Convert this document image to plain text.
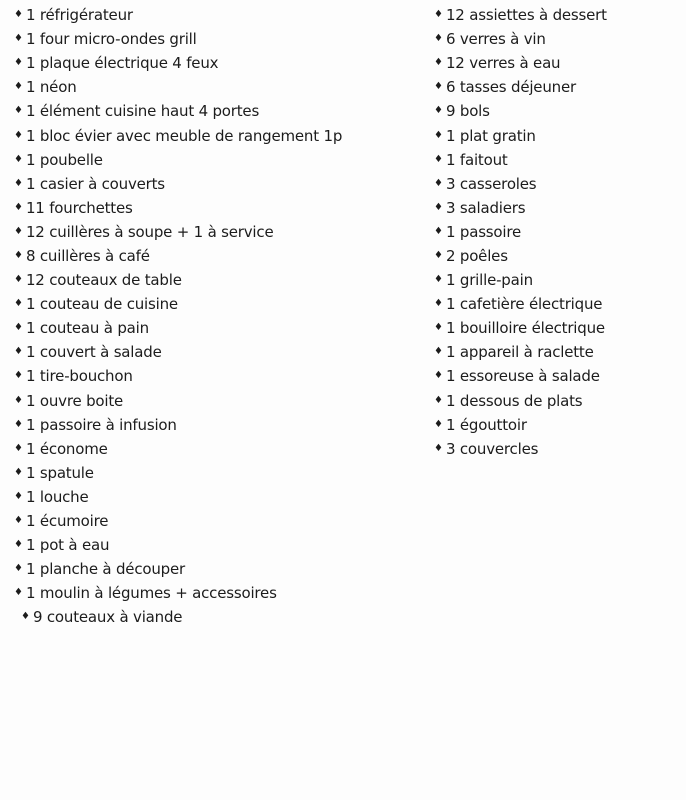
♦ 1 réfrigérateur
♦ 1 four micro-ondes grill
♦ 1 plaque électrique 4 feux
♦ 1 néon
♦ 1 élément cuisine haut 4 portes
♦ 1 bloc évier avec meuble de rangement 1p
♦ 1 poubelle
♦ 1 casier à couverts
♦ 11 fourchettes
♦ 12 cuillères à soupe + 1 à service
♦ 8 cuillères à café
♦ 12 couteaux de table
♦ 1 couteau de cuisine
♦ 1 couteau à pain
♦ 1 couvert à salade
♦ 1 tire-bouchon
♦ 1 ouvre boite
♦ 1 passoire à infusion
♦ 1 économe
♦ 1 spatule
♦ 1 louche
♦ 1 écumoire
♦ 1 pot à eau
♦ 1 planche à découper
♦ 1 moulin à légumes + accessoires
♦ 9 couteaux à viande
♦ 12 assiettes à dessert
♦ 6 verres à vin
♦ 12 verres à eau
♦ 6 tasses déjeuner
♦ 9 bols
♦ 1 plat gratin
♦ 1 faitout
♦ 3 casseroles
♦ 3 saladiers
♦ 1 passoire
♦ 2 poêles
♦ 1 grille-pain
♦ 1 cafetière électrique
♦ 1 bouilloire électrique
♦ 1 appareil à raclette
♦ 1 essoreuse à salade
♦ 1 dessous de plats
♦ 1 égouttoir
♦ 3 couvercles
